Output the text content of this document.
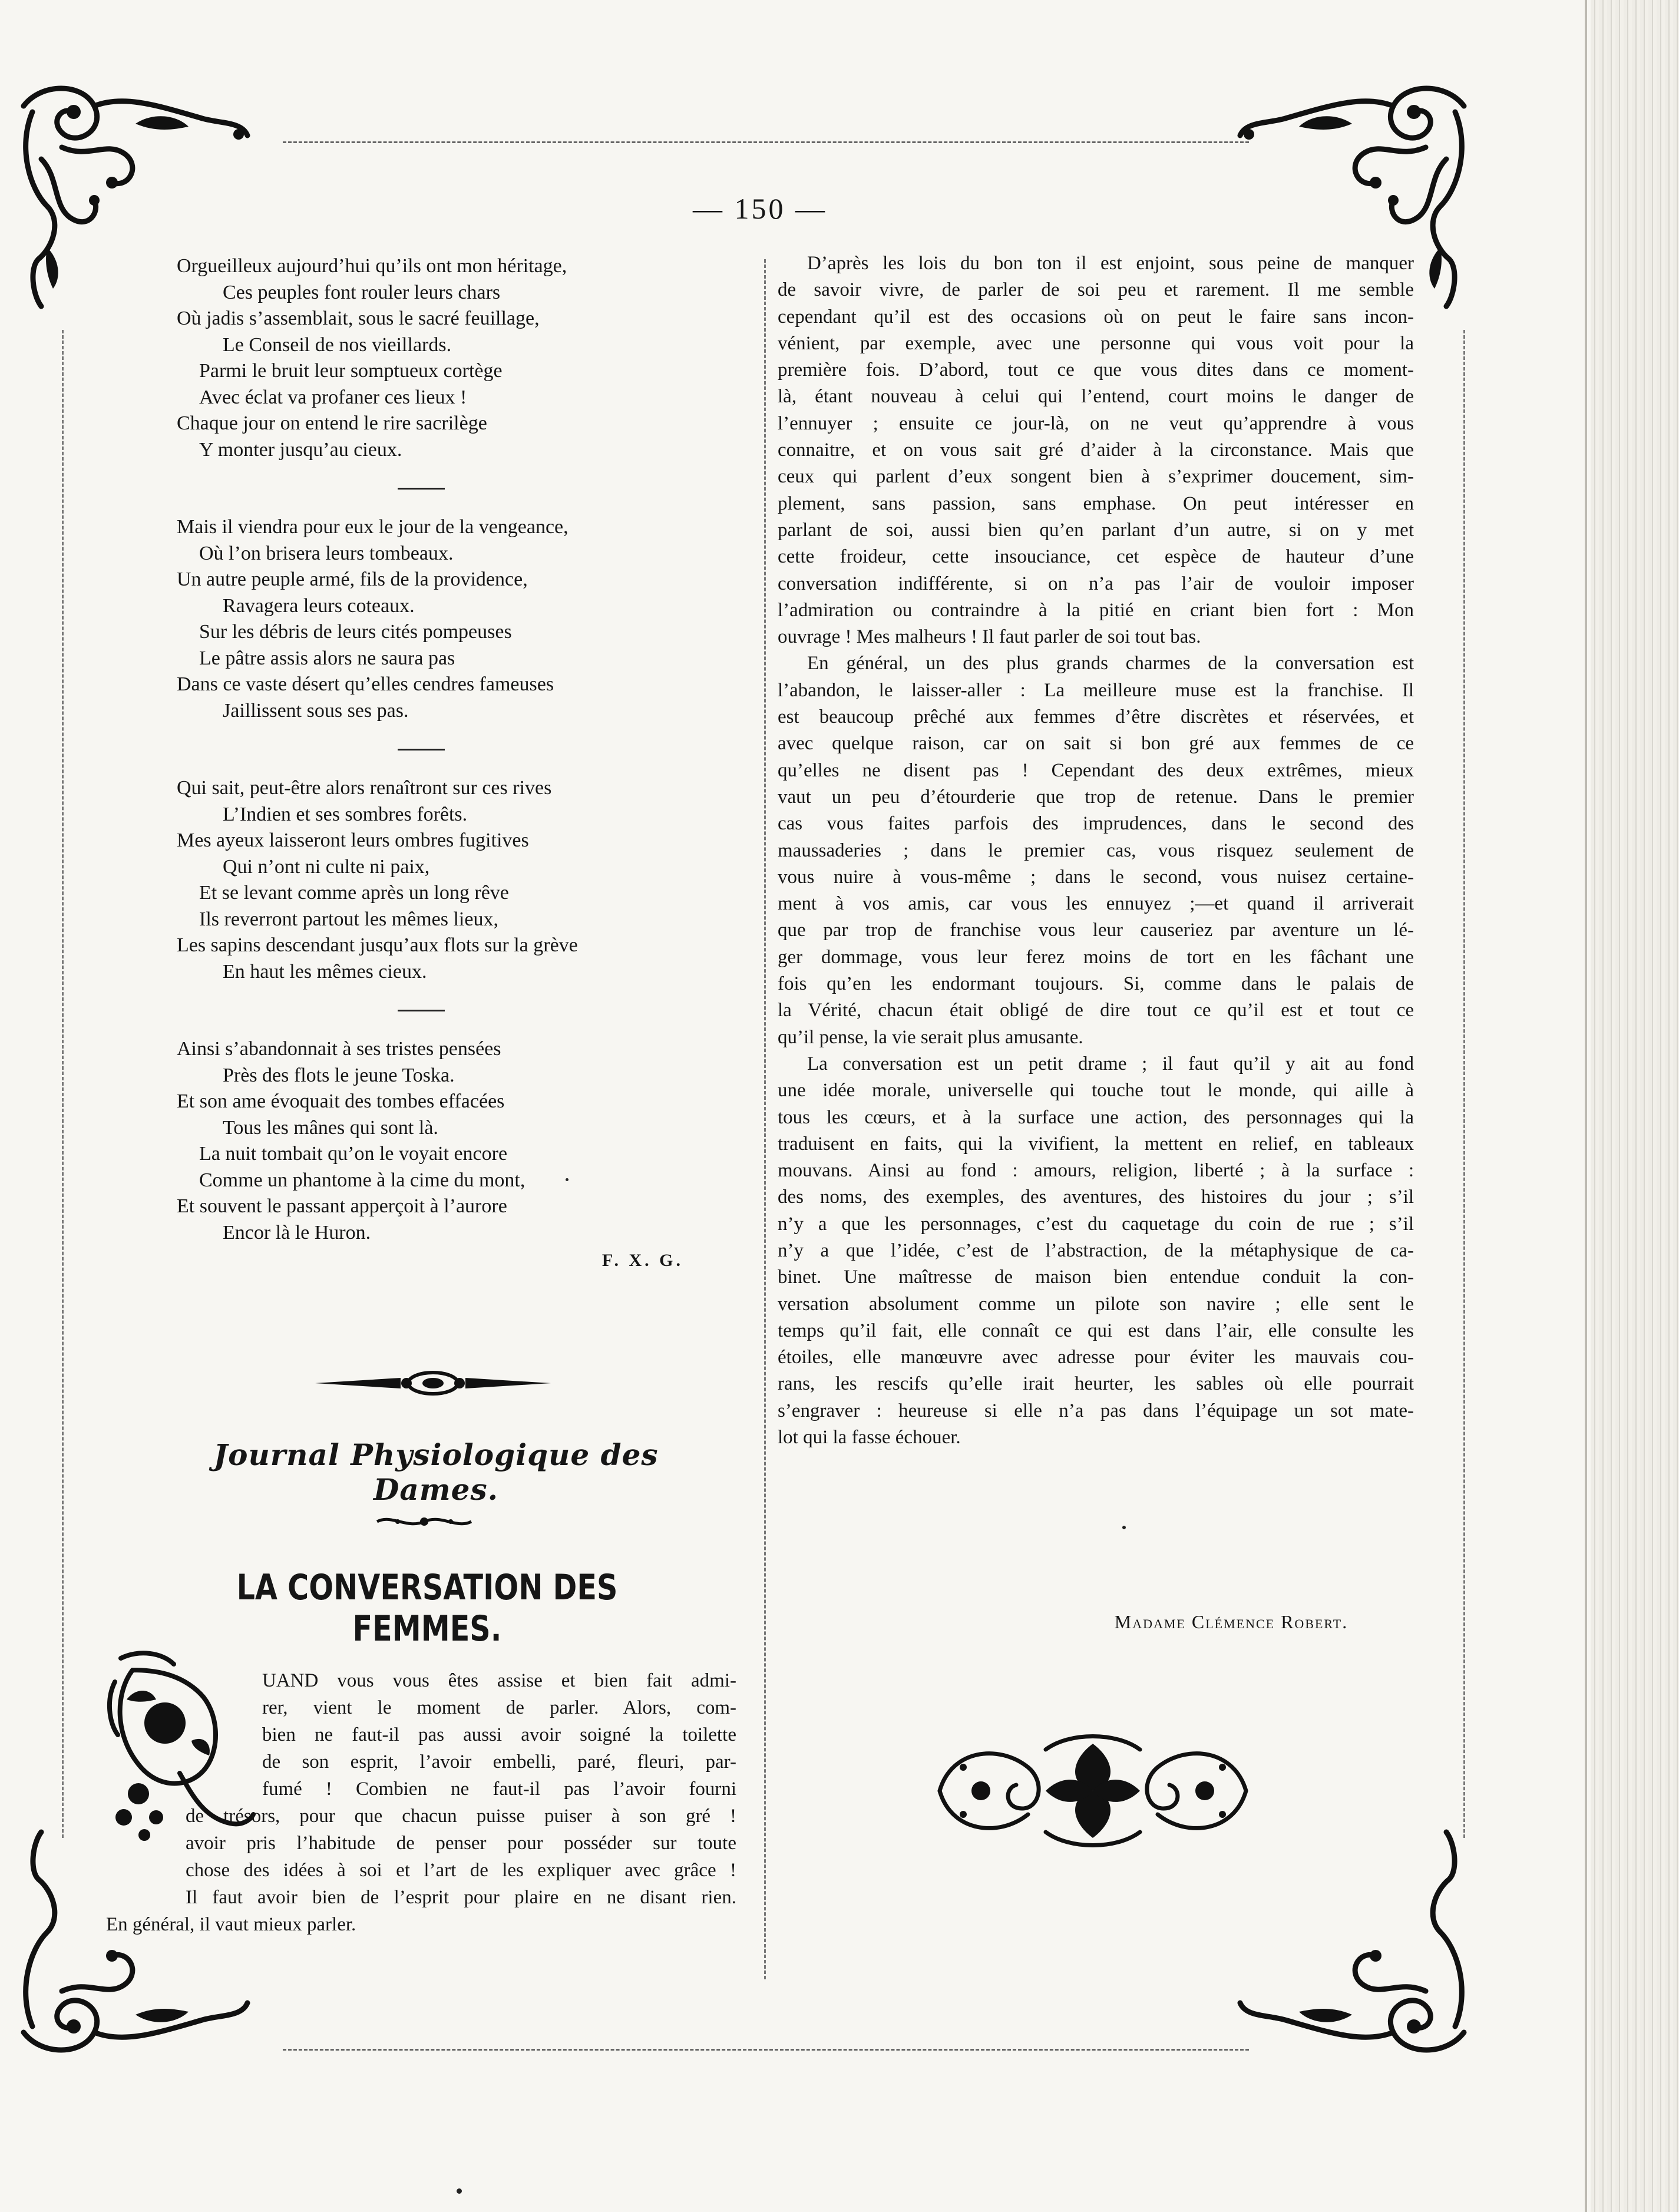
— 150 —
Orgueilleux aujourd’hui qu’ils ont mon héritage,
Ces peuples font rouler leurs chars
Où jadis s’assemblait, sous le sacré feuillage,
Le Conseil de nos vieillards.
Parmi le bruit leur somptueux cortège
Avec éclat va profaner ces lieux !
Chaque jour on entend le rire sacrilège
Y monter jusqu’au cieux.
Mais il viendra pour eux le jour de la vengeance,
Où l’on brisera leurs tombeaux.
Un autre peuple armé, fils de la providence,
Ravagera leurs coteaux.
Sur les débris de leurs cités pompeuses
Le pâtre assis alors ne saura pas
Dans ce vaste désert qu’elles cendres fameuses
Jaillissent sous ses pas.
Qui sait, peut-être alors renaîtront sur ces rives
L’Indien et ses sombres forêts.
Mes ayeux laisseront leurs ombres fugitives
Qui n’ont ni culte ni paix,
Et se levant comme après un long rêve
Ils reverront partout les mêmes lieux,
Les sapins descendant jusqu’aux flots sur la grève
En haut les mêmes cieux.
Ainsi s’abandonnait à ses tristes pensées
Près des flots le jeune Toska.
Et son ame évoquait des tombes effacées
Tous les mânes qui sont là.
La nuit tombait qu’on le voyait encore
Comme un phantome à la cime du mont,
Et souvent le passant apperçoit à l’aurore
Encor là le Huron.
F. X. G.
Journal Physiologique des Dames.
LA CONVERSATION DES FEMMES.
UAND vous vous êtes assise et bien fait admi-
rer, vient le moment de parler. Alors, com-
bien ne faut-il pas aussi avoir soigné la toilette
de son esprit, l’avoir embelli, paré, fleuri, par-
fumé ! Combien ne faut-il pas l’avoir fourni
de trésors, pour que chacun puisse puiser à son gré !
avoir pris l’habitude de penser pour posséder sur toute
chose des idées à soi et l’art de les expliquer avec grâce !
Il faut avoir bien de l’esprit pour plaire en ne disant rien.
En général, il vaut mieux parler.

D’après les lois du bon ton il est enjoint, sous peine de manquer
de savoir vivre, de parler de soi peu et rarement. Il me semble
cependant qu’il est des occasions où on peut le faire sans incon-
vénient, par exemple, avec une personne qui vous voit pour la
première fois. D’abord, tout ce que vous dites dans ce moment-
là, étant nouveau à celui qui l’entend, court moins le danger de
l’ennuyer ; ensuite ce jour-là, on ne veut qu’apprendre à vous
connaitre, et on vous sait gré d’aider à la circonstance. Mais que
ceux qui parlent d’eux songent bien à s’exprimer doucement, sim-
plement, sans passion, sans emphase. On peut intéresser en
parlant de soi, aussi bien qu’en parlant d’un autre, si on y met
cette froideur, cette insouciance, cet espèce de hauteur d’une
conversation indifférente, si on n’a pas l’air de vouloir imposer
l’admiration ou contraindre à la pitié en criant bien fort : Mon
ouvrage ! Mes malheurs ! Il faut parler de soi tout bas.

En général, un des plus grands charmes de la conversation est
l’abandon, le laisser-aller : La meilleure muse est la franchise. Il
est beaucoup prêché aux femmes d’être discrètes et réservées, et
avec quelque raison, car on sait si bon gré aux femmes de ce
qu’elles ne disent pas ! Cependant des deux extrêmes, mieux
vaut un peu d’étourderie que trop de retenue. Dans le premier
cas vous faites parfois des imprudences, dans le second des
maussaderies ; dans le premier cas, vous risquez seulement de
vous nuire à vous-même ; dans le second, vous nuisez certaine-
ment à vos amis, car vous les ennuyez ;—et quand il arriverait
que par trop de franchise vous leur causeriez par aventure un lé-
ger dommage, vous leur ferez moins de tort en les fâchant une
fois qu’en les endormant toujours. Si, comme dans le palais de
la Vérité, chacun était obligé de dire tout ce qu’il est et tout ce
qu’il pense, la vie serait plus amusante.

La conversation est un petit drame ; il faut qu’il y ait au fond
une idée morale, universelle qui touche tout le monde, qui aille à
tous les cœurs, et à la surface une action, des personnages qui la
traduisent en faits, qui la vivifient, la mettent en relief, en tableaux
mouvans. Ainsi au fond : amours, religion, liberté ; à la surface :
des noms, des exemples, des aventures, des histoires du jour ; s’il
n’y a que les personnages, c’est du caquetage du coin de rue ; s’il
n’y a que l’idée, c’est de l’abstraction, de la métaphysique de ca-
binet. Une maîtresse de maison bien entendue conduit la con-
versation absolument comme un pilote son navire ; elle sent le
temps qu’il fait, elle connaît ce qui est dans l’air, elle consulte les
étoiles, elle manœuvre avec adresse pour éviter les mauvais cou-
rans, les rescifs qu’elle irait heurter, les sables où elle pourrait
s’engraver : heureuse si elle n’a pas dans l’équipage un sot mate-
lot qui la fasse échouer.

Madame Clémence Robert.
